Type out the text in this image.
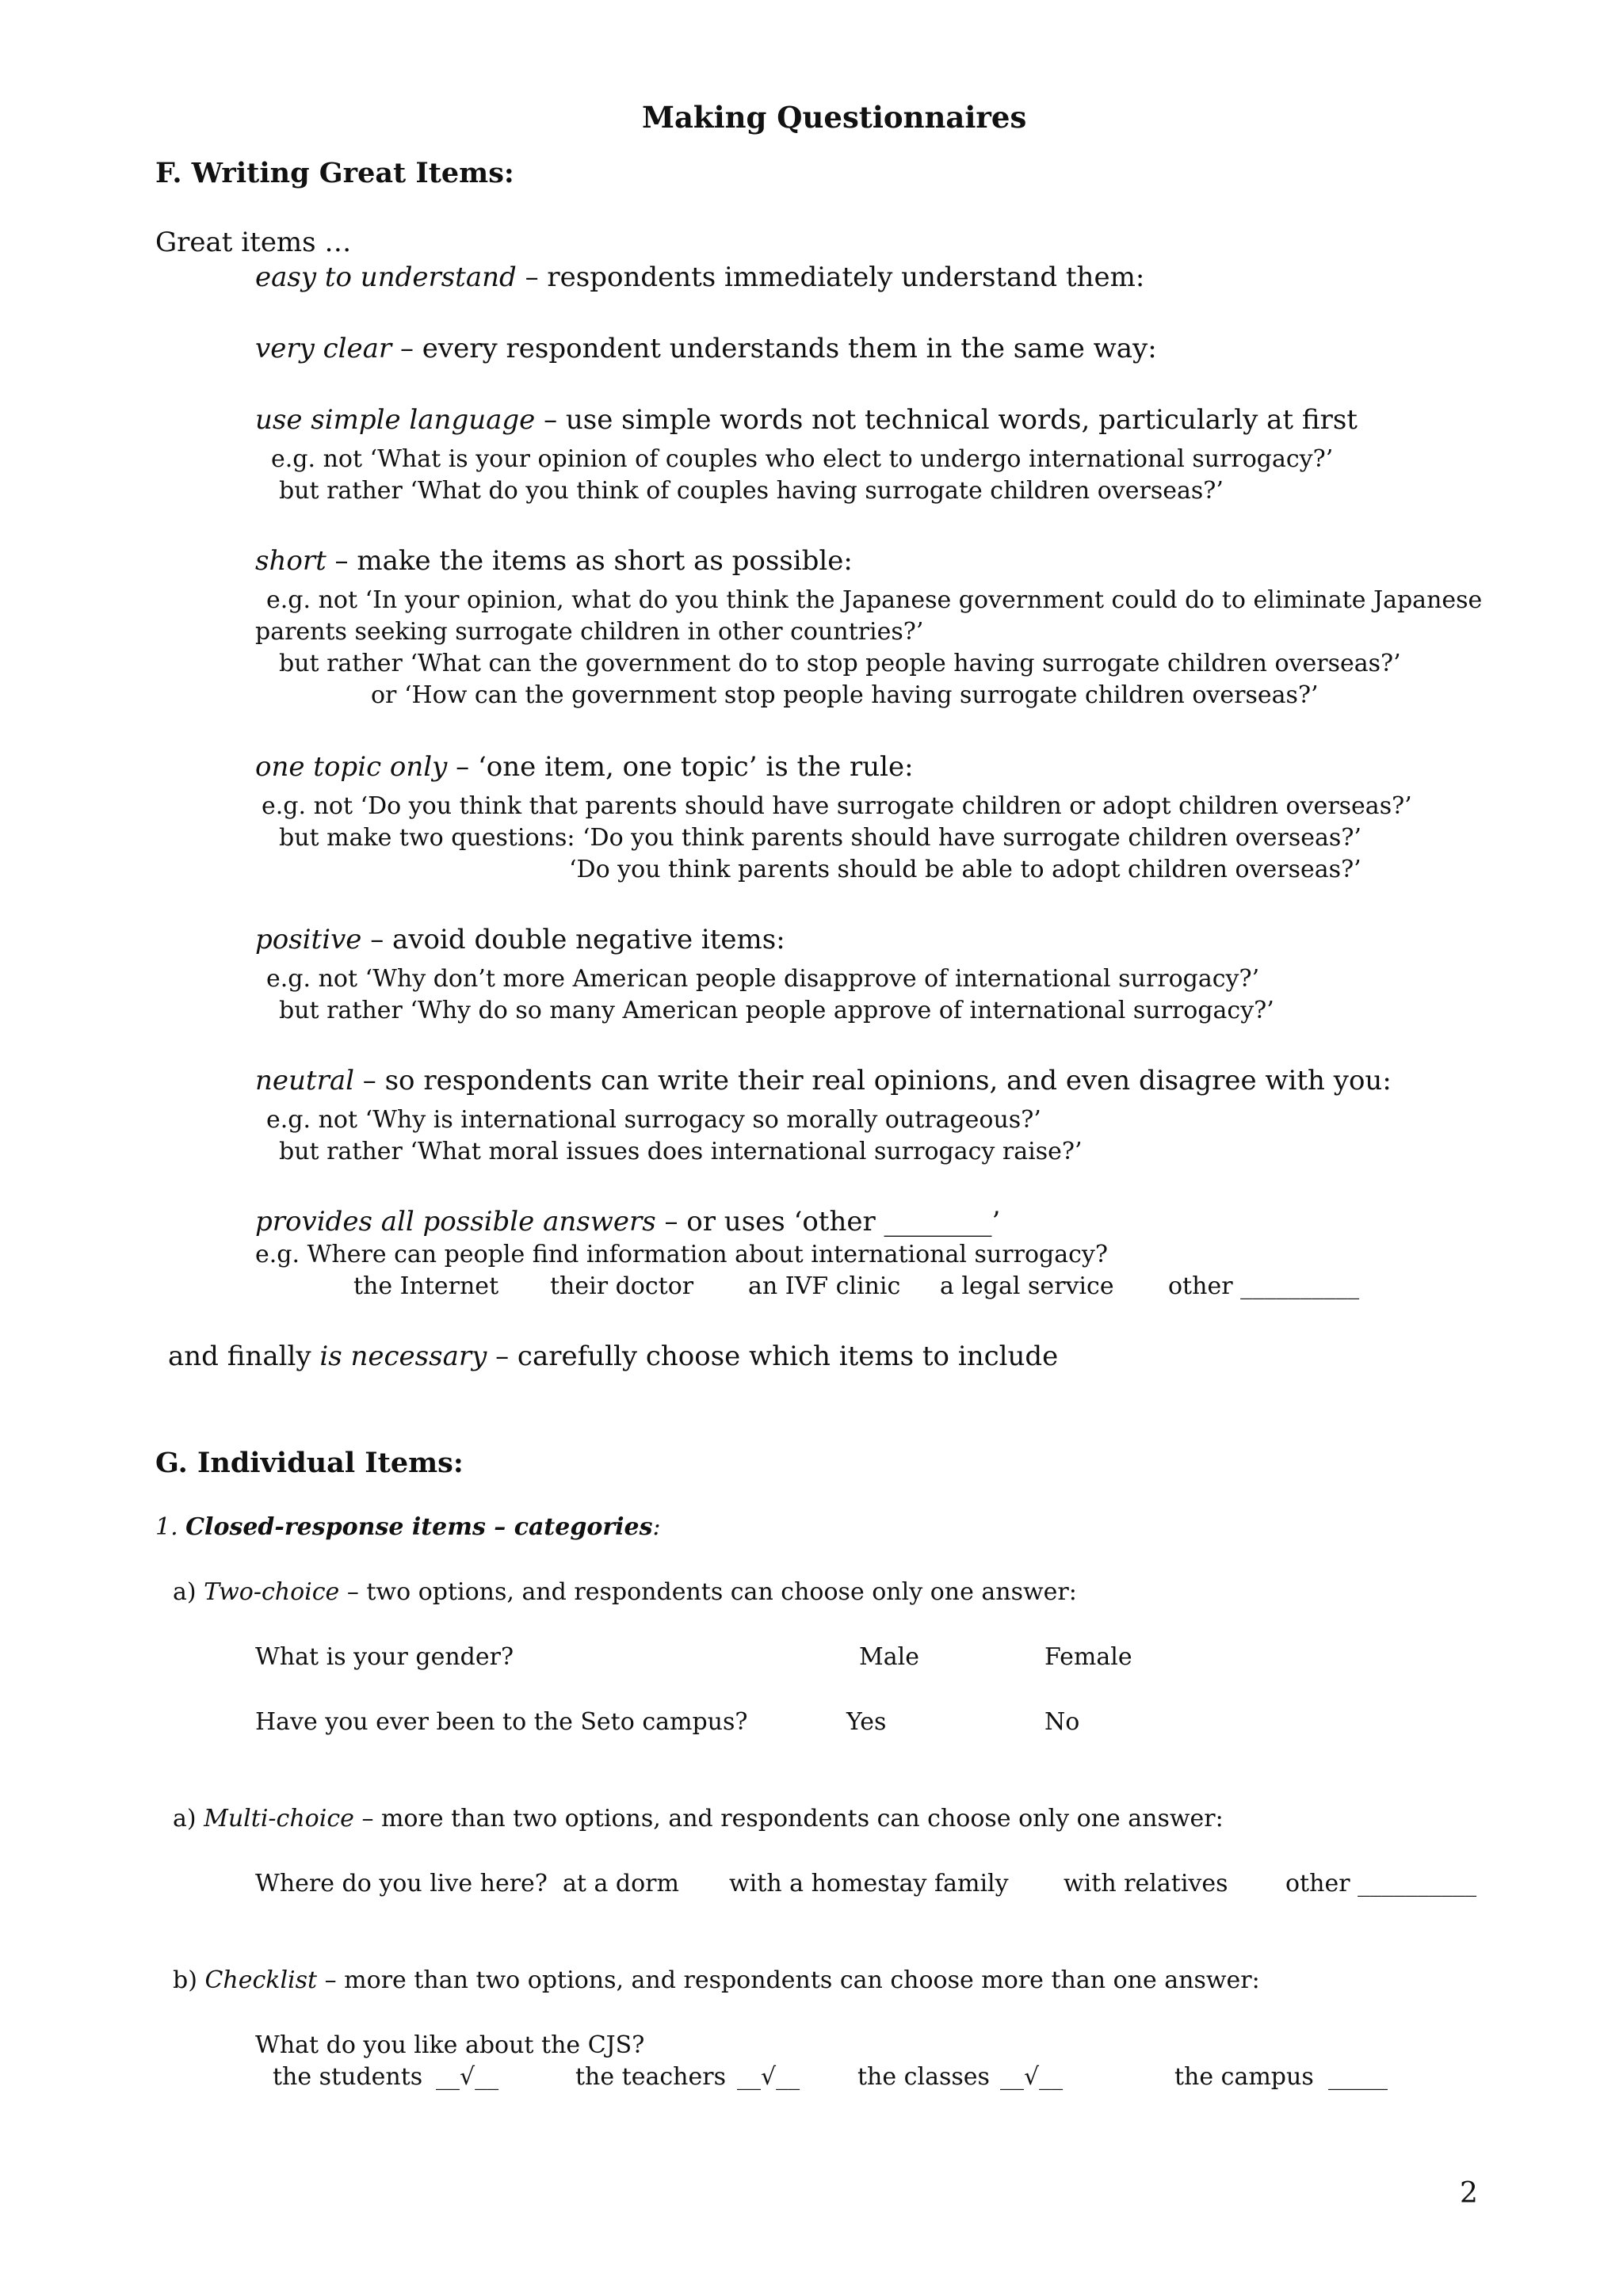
Making Questionnaires
F. Writing Great Items:
Great items …
easy to understand – respondents immediately understand them:
very clear – every respondent understands them in the same way:
use simple language – use simple words not technical words, particularly at first
e.g. not ‘What is your opinion of couples who elect to undergo international surrogacy?’
but rather ‘What do you think of couples having surrogate children overseas?’
short – make the items as short as possible:
e.g. not ‘In your opinion, what do you think the Japanese government could do to eliminate Japanese
parents seeking surrogate children in other countries?’
but rather ‘What can the government do to stop people having surrogate children overseas?’
or ‘How can the government stop people having surrogate children overseas?’
one topic only – ‘one item, one topic’ is the rule:
e.g. not ‘Do you think that parents should have surrogate children or adopt children overseas?’
but make two questions: ‘Do you think parents should have surrogate children overseas?’
‘Do you think parents should be able to adopt children overseas?’
positive – avoid double negative items:
e.g. not ‘Why don’t more American people disapprove of international surrogacy?’
but rather ‘Why do so many American people approve of international surrogacy?’
neutral – so respondents can write their real opinions, and even disagree with you:
e.g. not ‘Why is international surrogacy so morally outrageous?’
but rather ‘What moral issues does international surrogacy raise?’
provides all possible answers – or uses ‘other ________’
e.g. Where can people find information about international surrogacy?
the Internet their doctor an IVF clinic a legal service other __________
and finally is necessary – carefully choose which items to include
G. Individual Items:
1. Closed-response items – categories:
a) Two-choice – two options, and respondents can choose only one answer:
What is your gender?	Male	Female
Have you ever been to the Seto campus?	Yes	No
a) Multi-choice – more than two options, and respondents can choose only one answer:
Where do you live here? at a dorm with a homestay family with relatives other __________
b) Checklist – more than two options, and respondents can choose more than one answer:
What do you like about the CJS?
the students __√__	the teachers __√__ the classes __√__	the campus _____
2
